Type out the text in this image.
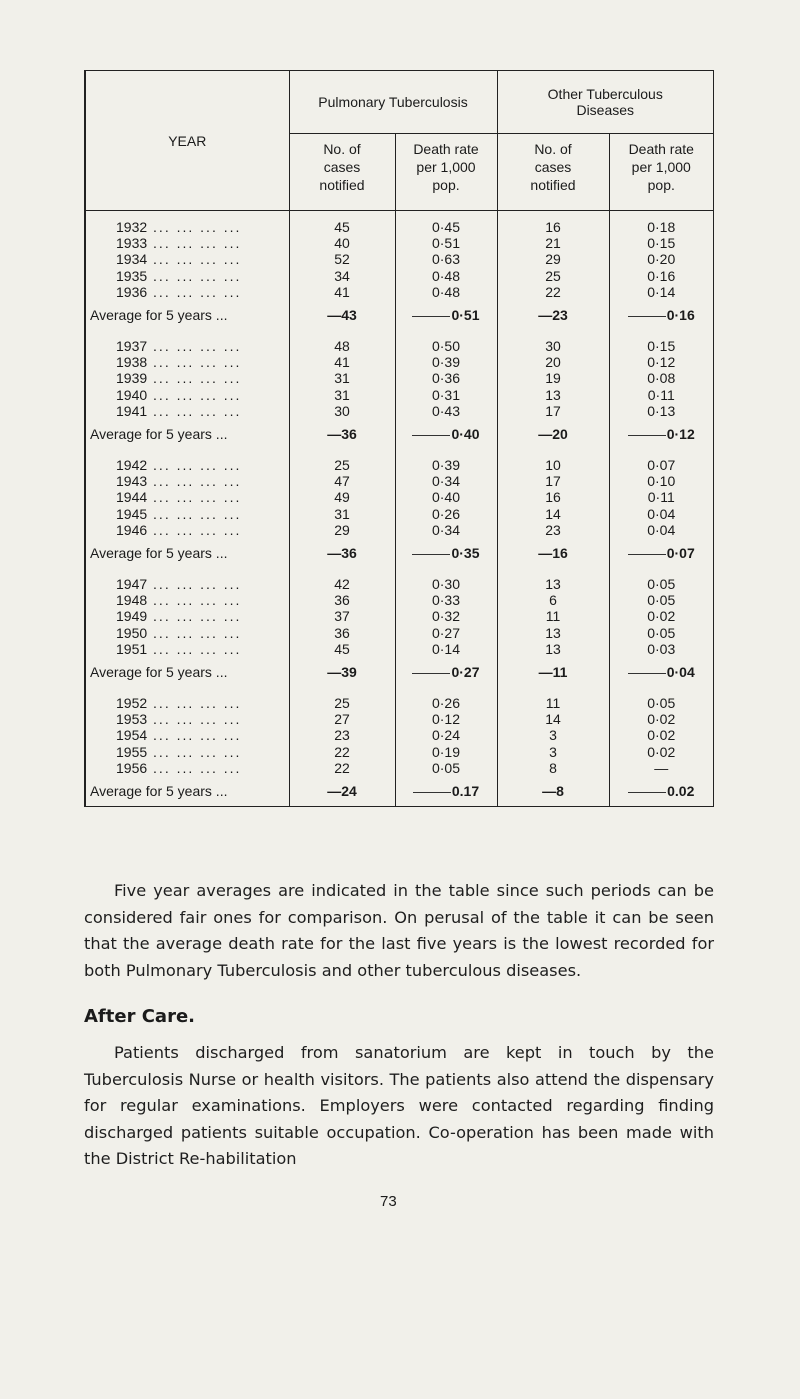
YEAR	Pulmonary Tuberculosis		Other Tuberculous Diseases	
	No. of cases notified	Death rate per 1,000 pop.	No. of cases notified	Death rate per 1,000 pop.

1932 ... ... ... ...	45	0·45	16	0·18
1933 ... ... ... ...	40	0·51	21	0·15
1934 ... ... ... ...	52	0·63	29	0·20
1935 ... ... ... ...	34	0·48	25	0·16
1936 ... ... ... ...	41	0·48	22	0·14
Average for 5 years ...	—43	0·51	—23	0·16

1937 ... ... ... ...	48	0·50	30	0·15
1938 ... ... ... ...	41	0·39	20	0·12
1939 ... ... ... ...	31	0·36	19	0·08
1940 ... ... ... ...	31	0·31	13	0·11
1941 ... ... ... ...	30	0·43	17	0·13
Average for 5 years ...	—36	0·40	—20	0·12

1942 ... ... ... ...	25	0·39	10	0·07
1943 ... ... ... ...	47	0·34	17	0·10
1944 ... ... ... ...	49	0·40	16	0·11
1945 ... ... ... ...	31	0·26	14	0·04
1946 ... ... ... ...	29	0·34	23	0·04
Average for 5 years ...	—36	0·35	—16	0·07

1947 ... ... ... ...	42	0·30	13	0·05
1948 ... ... ... ...	36	0·33	6	0·05
1949 ... ... ... ...	37	0·32	11	0·02
1950 ... ... ... ...	36	0·27	13	0·05
1951 ... ... ... ...	45	0·14	13	0·03
Average for 5 years ...	—39	0·27	—11	0·04

1952 ... ... ... ...	25	0·26	11	0·05
1953 ... ... ... ...	27	0·12	14	0·02
1954 ... ... ... ...	23	0·24	3	0·02
1955 ... ... ... ...	22	0·19	3	0·02
1956 ... ... ... ...	22	0·05	8	—
Average for 5 years ...	—24	0.17	—8	0.02

Five year averages are indicated in the table since such periods can be considered fair ones for comparison. On perusal of the table it can be seen that the average death rate for the last five years is the lowest recorded for both Pulmonary Tuberculosis and other tuberculous diseases.

After Care.

Patients discharged from sanatorium are kept in touch by the Tuberculosis Nurse or health visitors. The patients also attend the dispensary for regular examinations. Employers were contacted regarding finding discharged patients suitable occupation. Co-operation has been made with the District Re-habilitation

73
